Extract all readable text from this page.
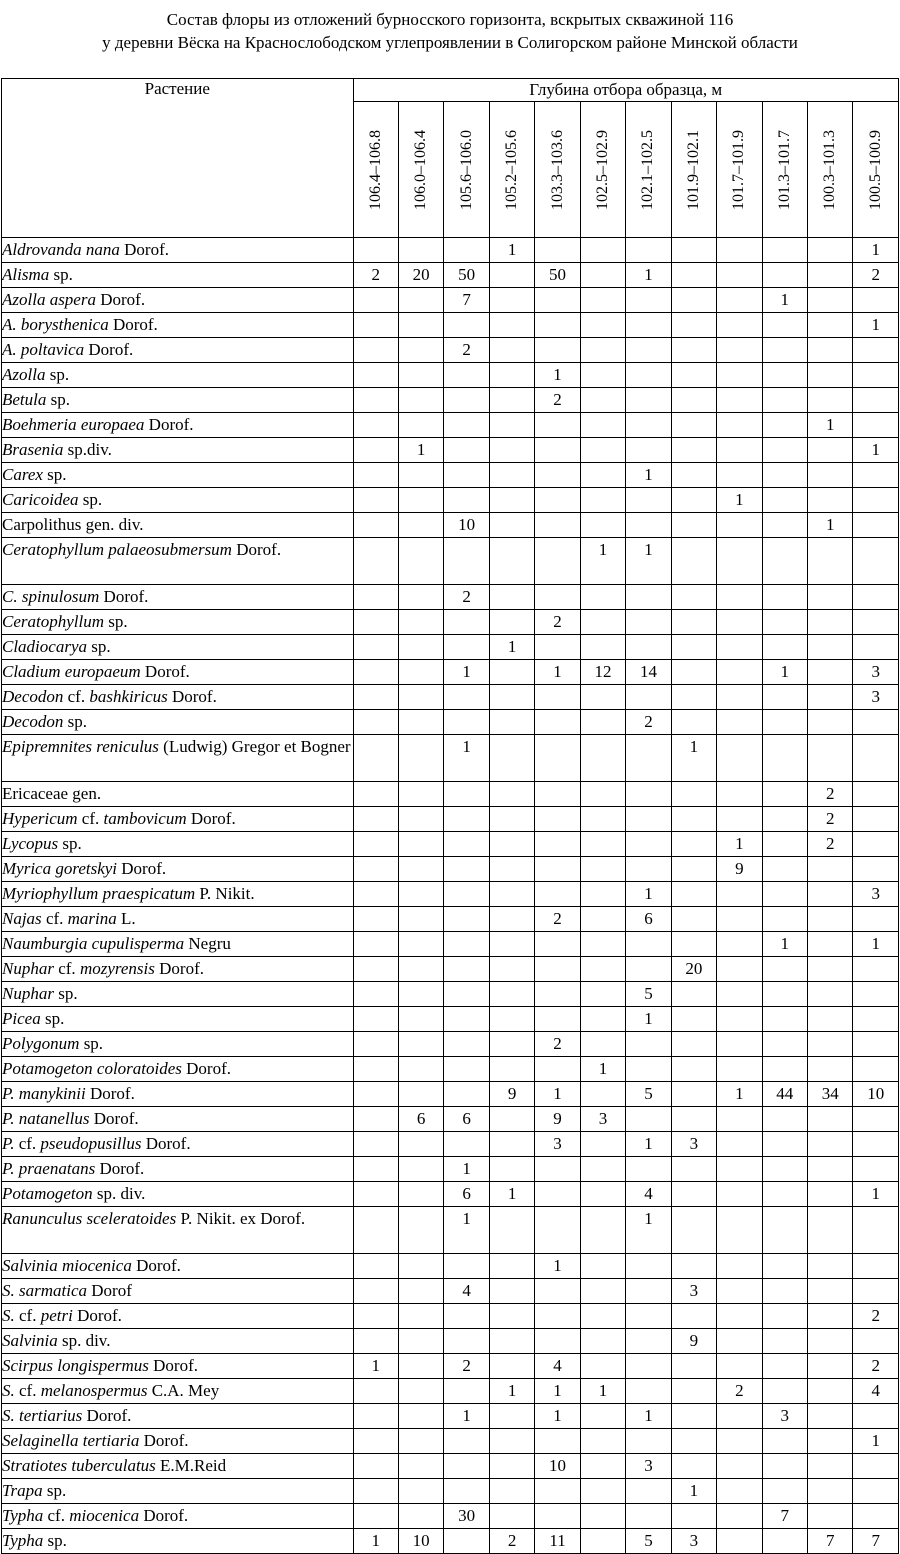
Состав флоры из отложений бурносского горизонта, вскрытых скважиной 116
у деревни Вёска на Краснослободском углепроявлении в Солигорском районе Минской области
Растение	Глубина отбора образца, м											

	106.4–106.8	106.0–106.4	105.6–106.0	105.2–105.6	103.3–103.6	102.5–102.9	102.1–102.5	101.9–102.1	101.7–101.9	101.3–101.7	100.3–101.3	100.5–100.9

Aldrovanda nana Dorof.				1								1
Alisma sp.	2	20	50		50		1					2
Azolla aspera Dorof.			7							1		
A. borysthenica Dorof.												1
A. poltavica Dorof.			2									
Azolla sp.					1							
Betula sp.					2							
Boehmeria europaea Dorof.											1	
Brasenia sp.div.		1										1
Carex sp.							1					
Caricoidea sp.									1			
Carpolithus gen. div.			10								1	
Ceratophyllum palaeosubmersum Dorof.						1	1					
C. spinulosum Dorof.			2									
Ceratophyllum sp.					2							
Cladiocarya sp.				1								
Cladium europaeum Dorof.			1		1	12	14			1		3
Decodon cf. bashkiricus Dorof.												3
Decodon sp.							2					
Epipremnites reniculus (Ludwig) Gregor et Bogner			1					1				
Ericaceae gen.											2	
Hypericum cf. tambovicum Dorof.											2	
Lycopus sp.									1		2	
Myrica goretskyi Dorof.									9			
Myriophyllum praespicatum P. Nikit.							1					3
Najas cf. marina L.					2		6					
Naumburgia cupulisperma Negru										1		1
Nuphar cf. mozyrensis Dorof.								20				
Nuphar sp.							5					
Picea sp.							1					
Polygonum sp.					2							
Potamogeton coloratoides Dorof.						1						
P. manykinii Dorof.				9	1		5		1	44	34	10
P. natanellus Dorof.		6	6		9	3						
P. cf. pseudopusillus Dorof.					3		1	3				
P. praenatans Dorof.			1									
Potamogeton sp. div.			6	1			4					1
Ranunculus sceleratoides P. Nikit. ex Dorof.			1				1					
Salvinia miocenica Dorof.					1							
S. sarmatica Dorof			4					3				
S. cf. petri Dorof.												2
Salvinia sp. div.								9				
Scirpus longispermus Dorof.	1		2		4							2
S. cf. melanospermus C.A. Mey				1	1	1			2			4
S. tertiarius Dorof.			1		1		1			3		
Selaginella tertiaria Dorof.												1
Stratiotes tuberculatus E.M.Reid					10		3					
Trapa sp.								1				
Typha cf. miocenica Dorof.			30							7		
Typha sp.	1	10		2	11		5	3			7	7
